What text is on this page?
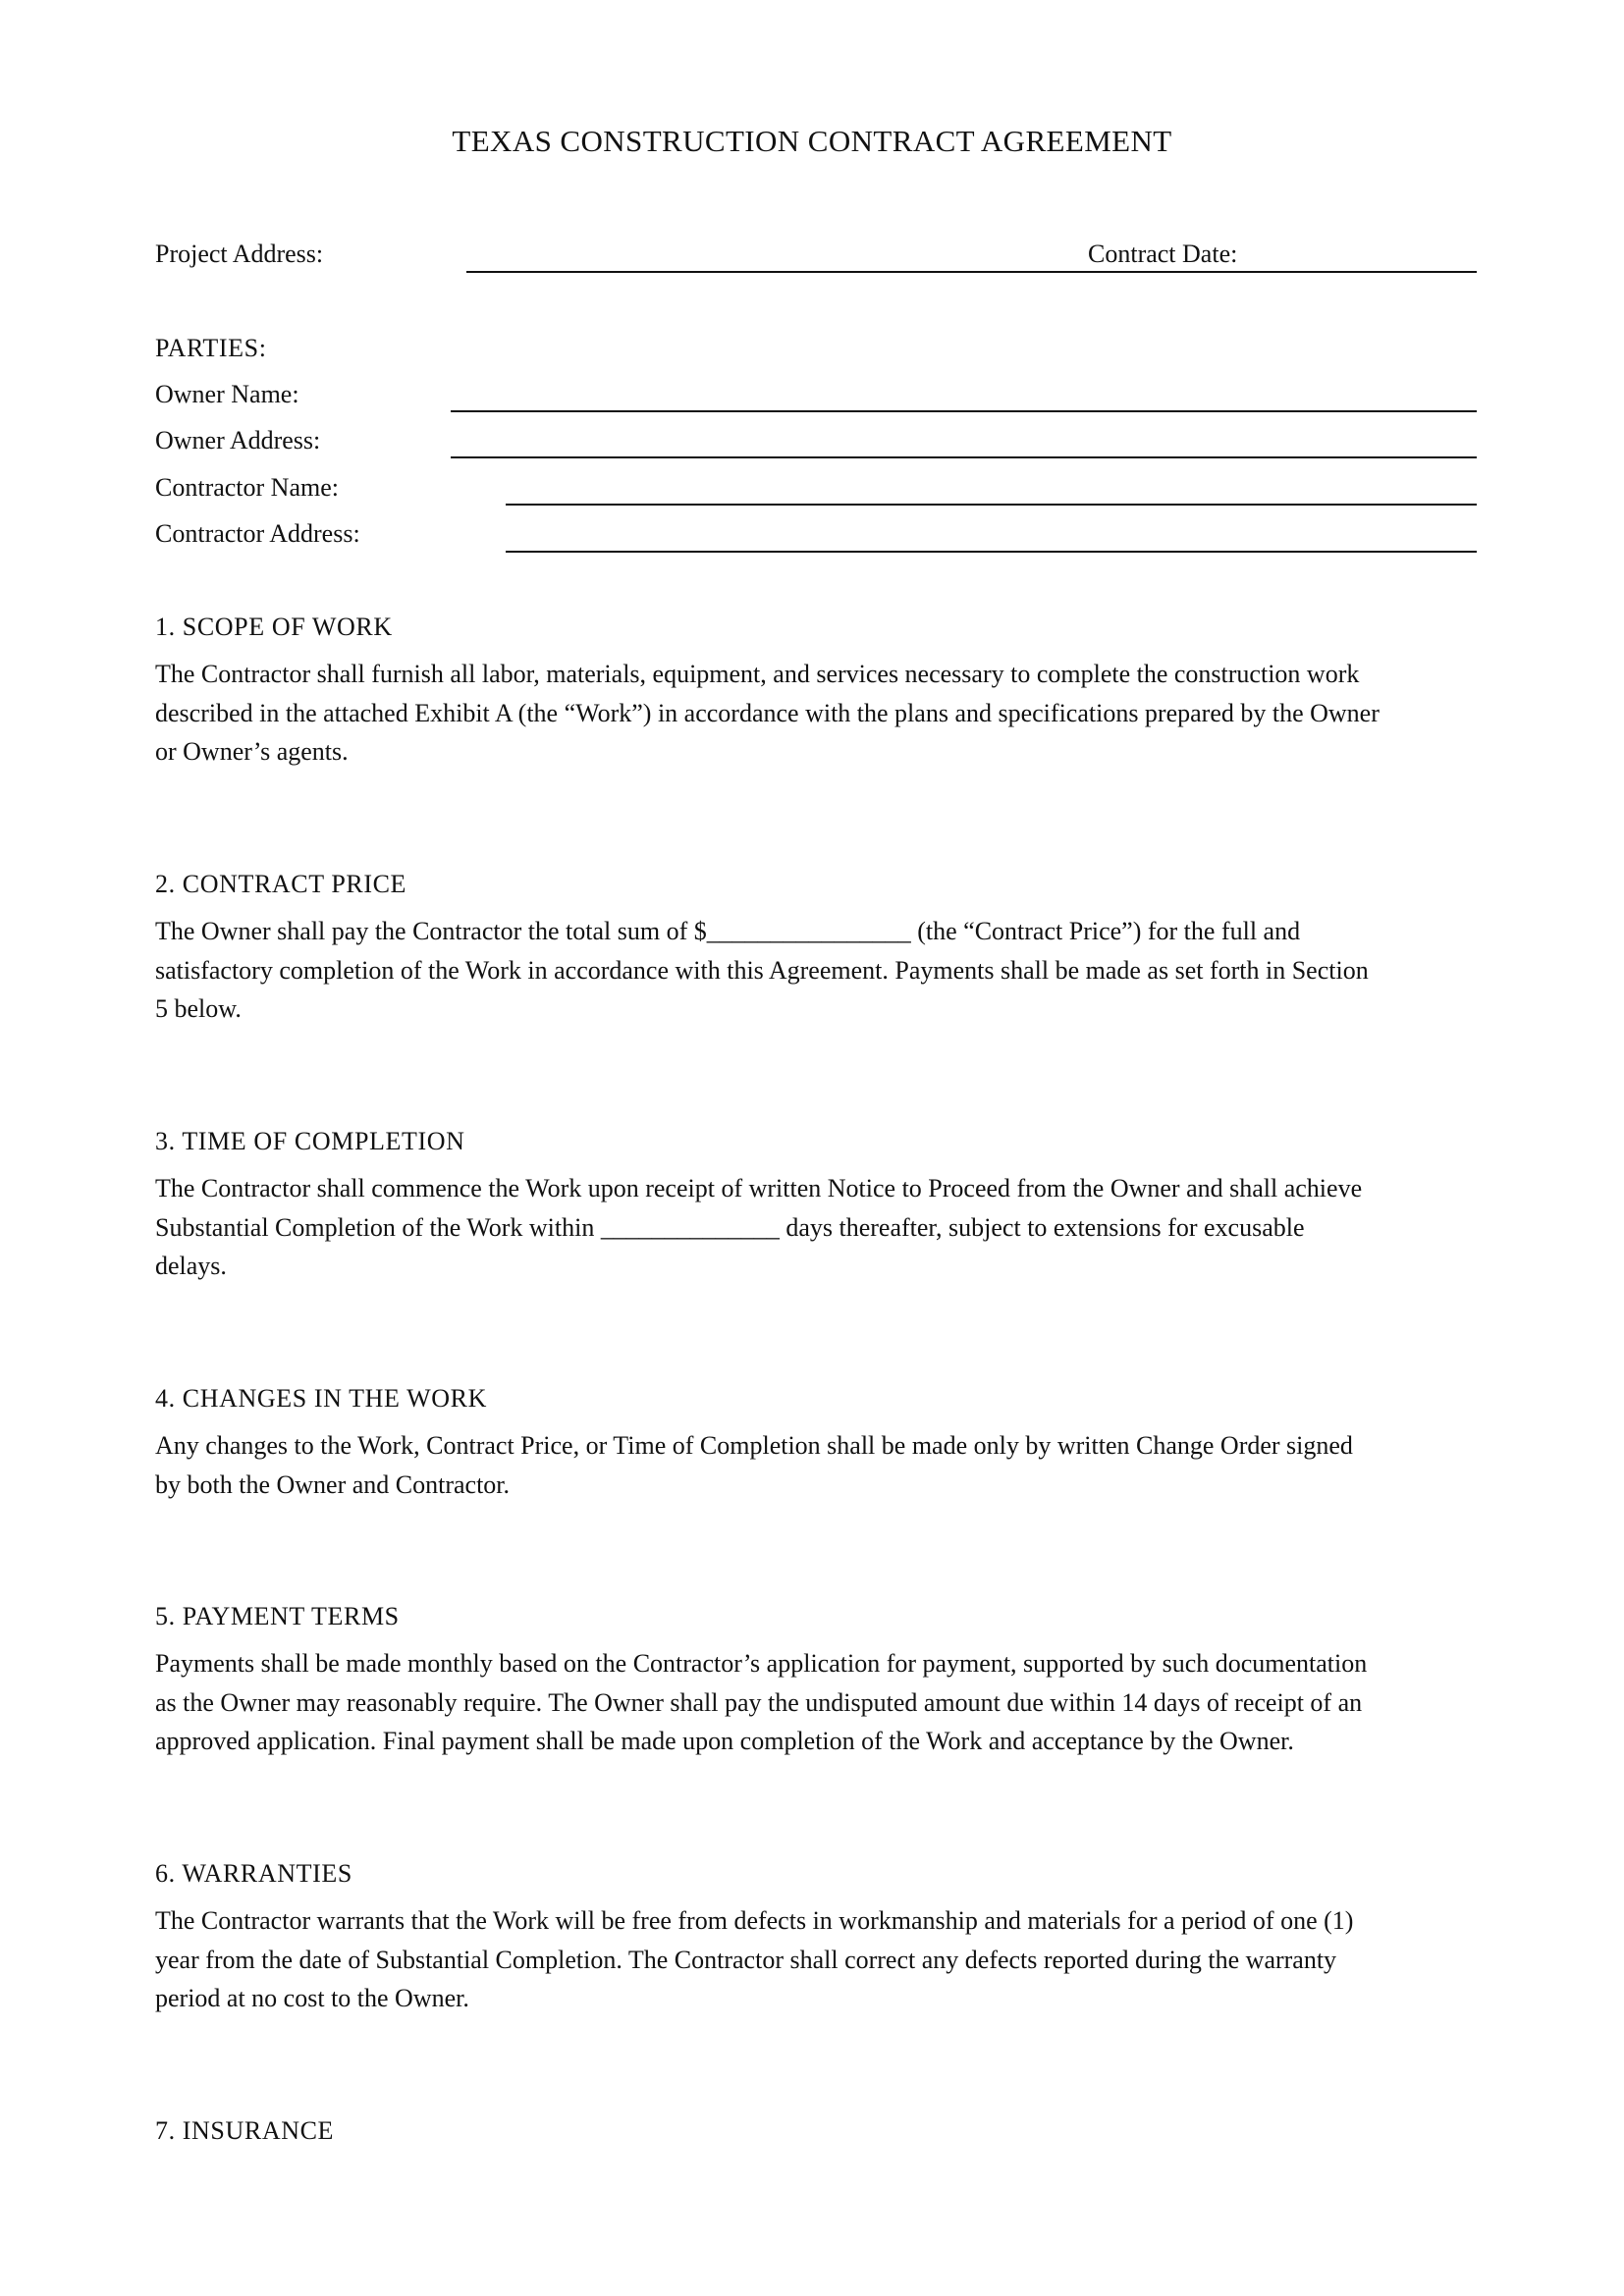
TEXAS CONSTRUCTION CONTRACT AGREEMENT
Project Address:	Contract Date:
PARTIES:
Owner Name:
Owner Address:
Contractor Name:
Contractor Address:
1. SCOPE OF WORK
The Contractor shall furnish all labor, materials, equipment, and services necessary to complete the construction work
described in the attached Exhibit A (the “Work”) in accordance with the plans and specifications prepared by the Owner
or Owner’s agents.
2. CONTRACT PRICE
The Owner shall pay the Contractor the total sum of $________________ (the “Contract Price”) for the full and
satisfactory completion of the Work in accordance with this Agreement. Payments shall be made as set forth in Section
5 below.
3. TIME OF COMPLETION
The Contractor shall commence the Work upon receipt of written Notice to Proceed from the Owner and shall achieve
Substantial Completion of the Work within ______________ days thereafter, subject to extensions for excusable
delays.
4. CHANGES IN THE WORK
Any changes to the Work, Contract Price, or Time of Completion shall be made only by written Change Order signed
by both the Owner and Contractor.
5. PAYMENT TERMS
Payments shall be made monthly based on the Contractor’s application for payment, supported by such documentation
as the Owner may reasonably require. The Owner shall pay the undisputed amount due within 14 days of receipt of an
approved application. Final payment shall be made upon completion of the Work and acceptance by the Owner.
6. WARRANTIES
The Contractor warrants that the Work will be free from defects in workmanship and materials for a period of one (1)
year from the date of Substantial Completion. The Contractor shall correct any defects reported during the warranty
period at no cost to the Owner.
7. INSURANCE
